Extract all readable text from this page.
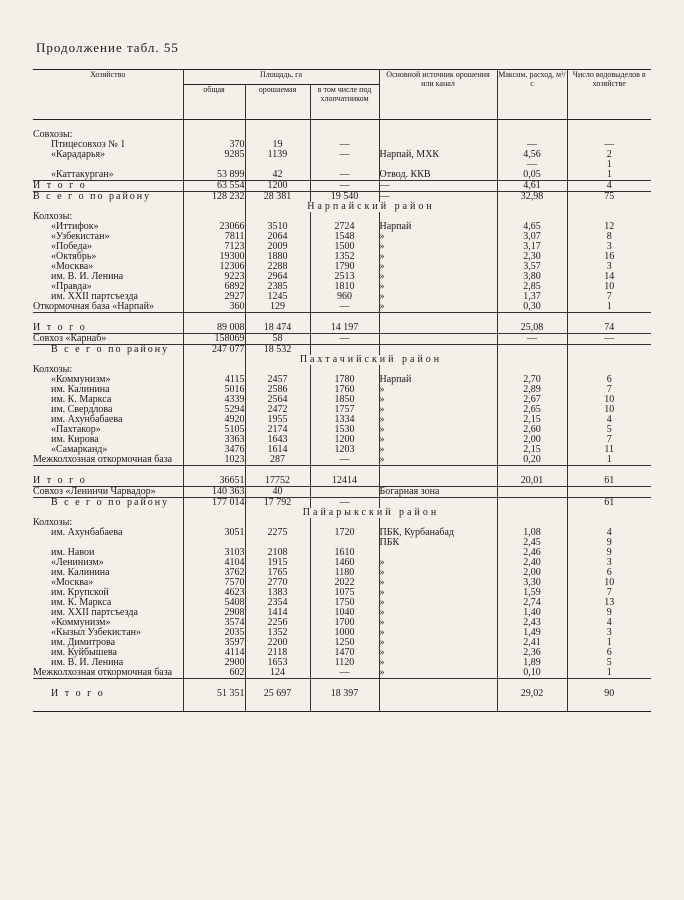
Продолжение табл. 55
Хозяйство	Площадь, га			Основной источник орошения или канал	Максим. расход, м³/с	Число водовыделов в хозяйстве
	общая	орошаемая	в том числе под хлопчатником			

Совхозы:						
Птицесовхоз № 1	370	19	—		—	—
«Карадарья»	9285	1139	—	Нарпай, МХК	4,56	2
					—	1
«Каттакурган»	53 899	42	—	Отвод. ККВ	0,05	1
И т о г о	63 554	1200	—	—	4,61	4
В с е г о по району	128 232	28 381	19 540	—	32,98	75
		Нарпайский район				
Колхозы:						
«Иттифок»	23066	3510	2724	Нарпай	4,65	12
«Узбекистан»	7811	2064	1548	»	3,07	8
«Победа»	7123	2009	1500	»	3,17	3
«Октябрь»	19300	1880	1352	»	2,30	16
«Москва»	12306	2288	1790	»	3,57	3
им. В. И. Ленина	9223	2964	2513	»	3,80	14
«Правда»	6892	2385	1810	»	2,85	10
им. XXII партсъезда	2927	1245	960	»	1,37	7
Откормочная база «Нарпай»	360	129	—	»	0,30	1
И т о г о	89 008	18 474	14 197		25,08	74
Совхоз «Карнаб»	158069	58	—		—	—
В с е г о по району	247 077	18 532				
		Пахтачийский район				
Колхозы:						
«Коммунизм»	4115	2457	1780	Нарпай	2,70	6
им. Калинина	5016	2586	1760	»	2,89	7
им. К. Маркса	4339	2564	1850	»	2,67	10
им. Свердлова	5294	2472	1757	»	2,65	10
им. Ахунбабаева	4920	1955	1334	»	2,15	4
«Пахтакор»	5105	2174	1530	»	2,60	5
им. Кирова	3363	1643	1200	»	2,00	7
«Самарканд»	3476	1614	1203	»	2,15	11
Межколхозная откормочная база	1023	287	—	»	0,20	1
И т о г о	36651	17752	12414		20,01	61
Совхоз «Ленинчи Чарвадор»	140 363	40		Богарная зона		
В с е г о по району	177 014	17 792	—			61
		Пайарыкский район				
Колхозы:						
им. Ахунбабаева	3051	2275	1720	ПБК, Курбанабад	1,08	4
				ПБК	2,45	9
им. Навои	3103	2108	1610		2,46	9
«Ленинизм»	4104	1915	1460	»	2,40	3
им. Калинина	3762	1765	1180	»	2,00	6
«Москва»	7570	2770	2022	»	3,30	10
им. Крупской	4623	1383	1075	»	1,59	7
им. К. Маркса	5408	2354	1750	»	2,74	13
им. XXII партсъезда	2908	1414	1040	»	1,40	9
«Коммунизм»	3574	2256	1700	»	2,43	4
«Кызыл Узбекистан»	2035	1352	1000	»	1,49	3
им. Димитрова	3597	2200	1250	»	2,41	1
им. Куйбышева	4114	2118	1470	»	2,36	6
им. В. И. Ленина	2900	1653	1120	»	1,89	5
Межколхозная откормочная база	602	124	—	»	0,10	1
И т о г о	51 351	25 697	18 397		29,02	90
